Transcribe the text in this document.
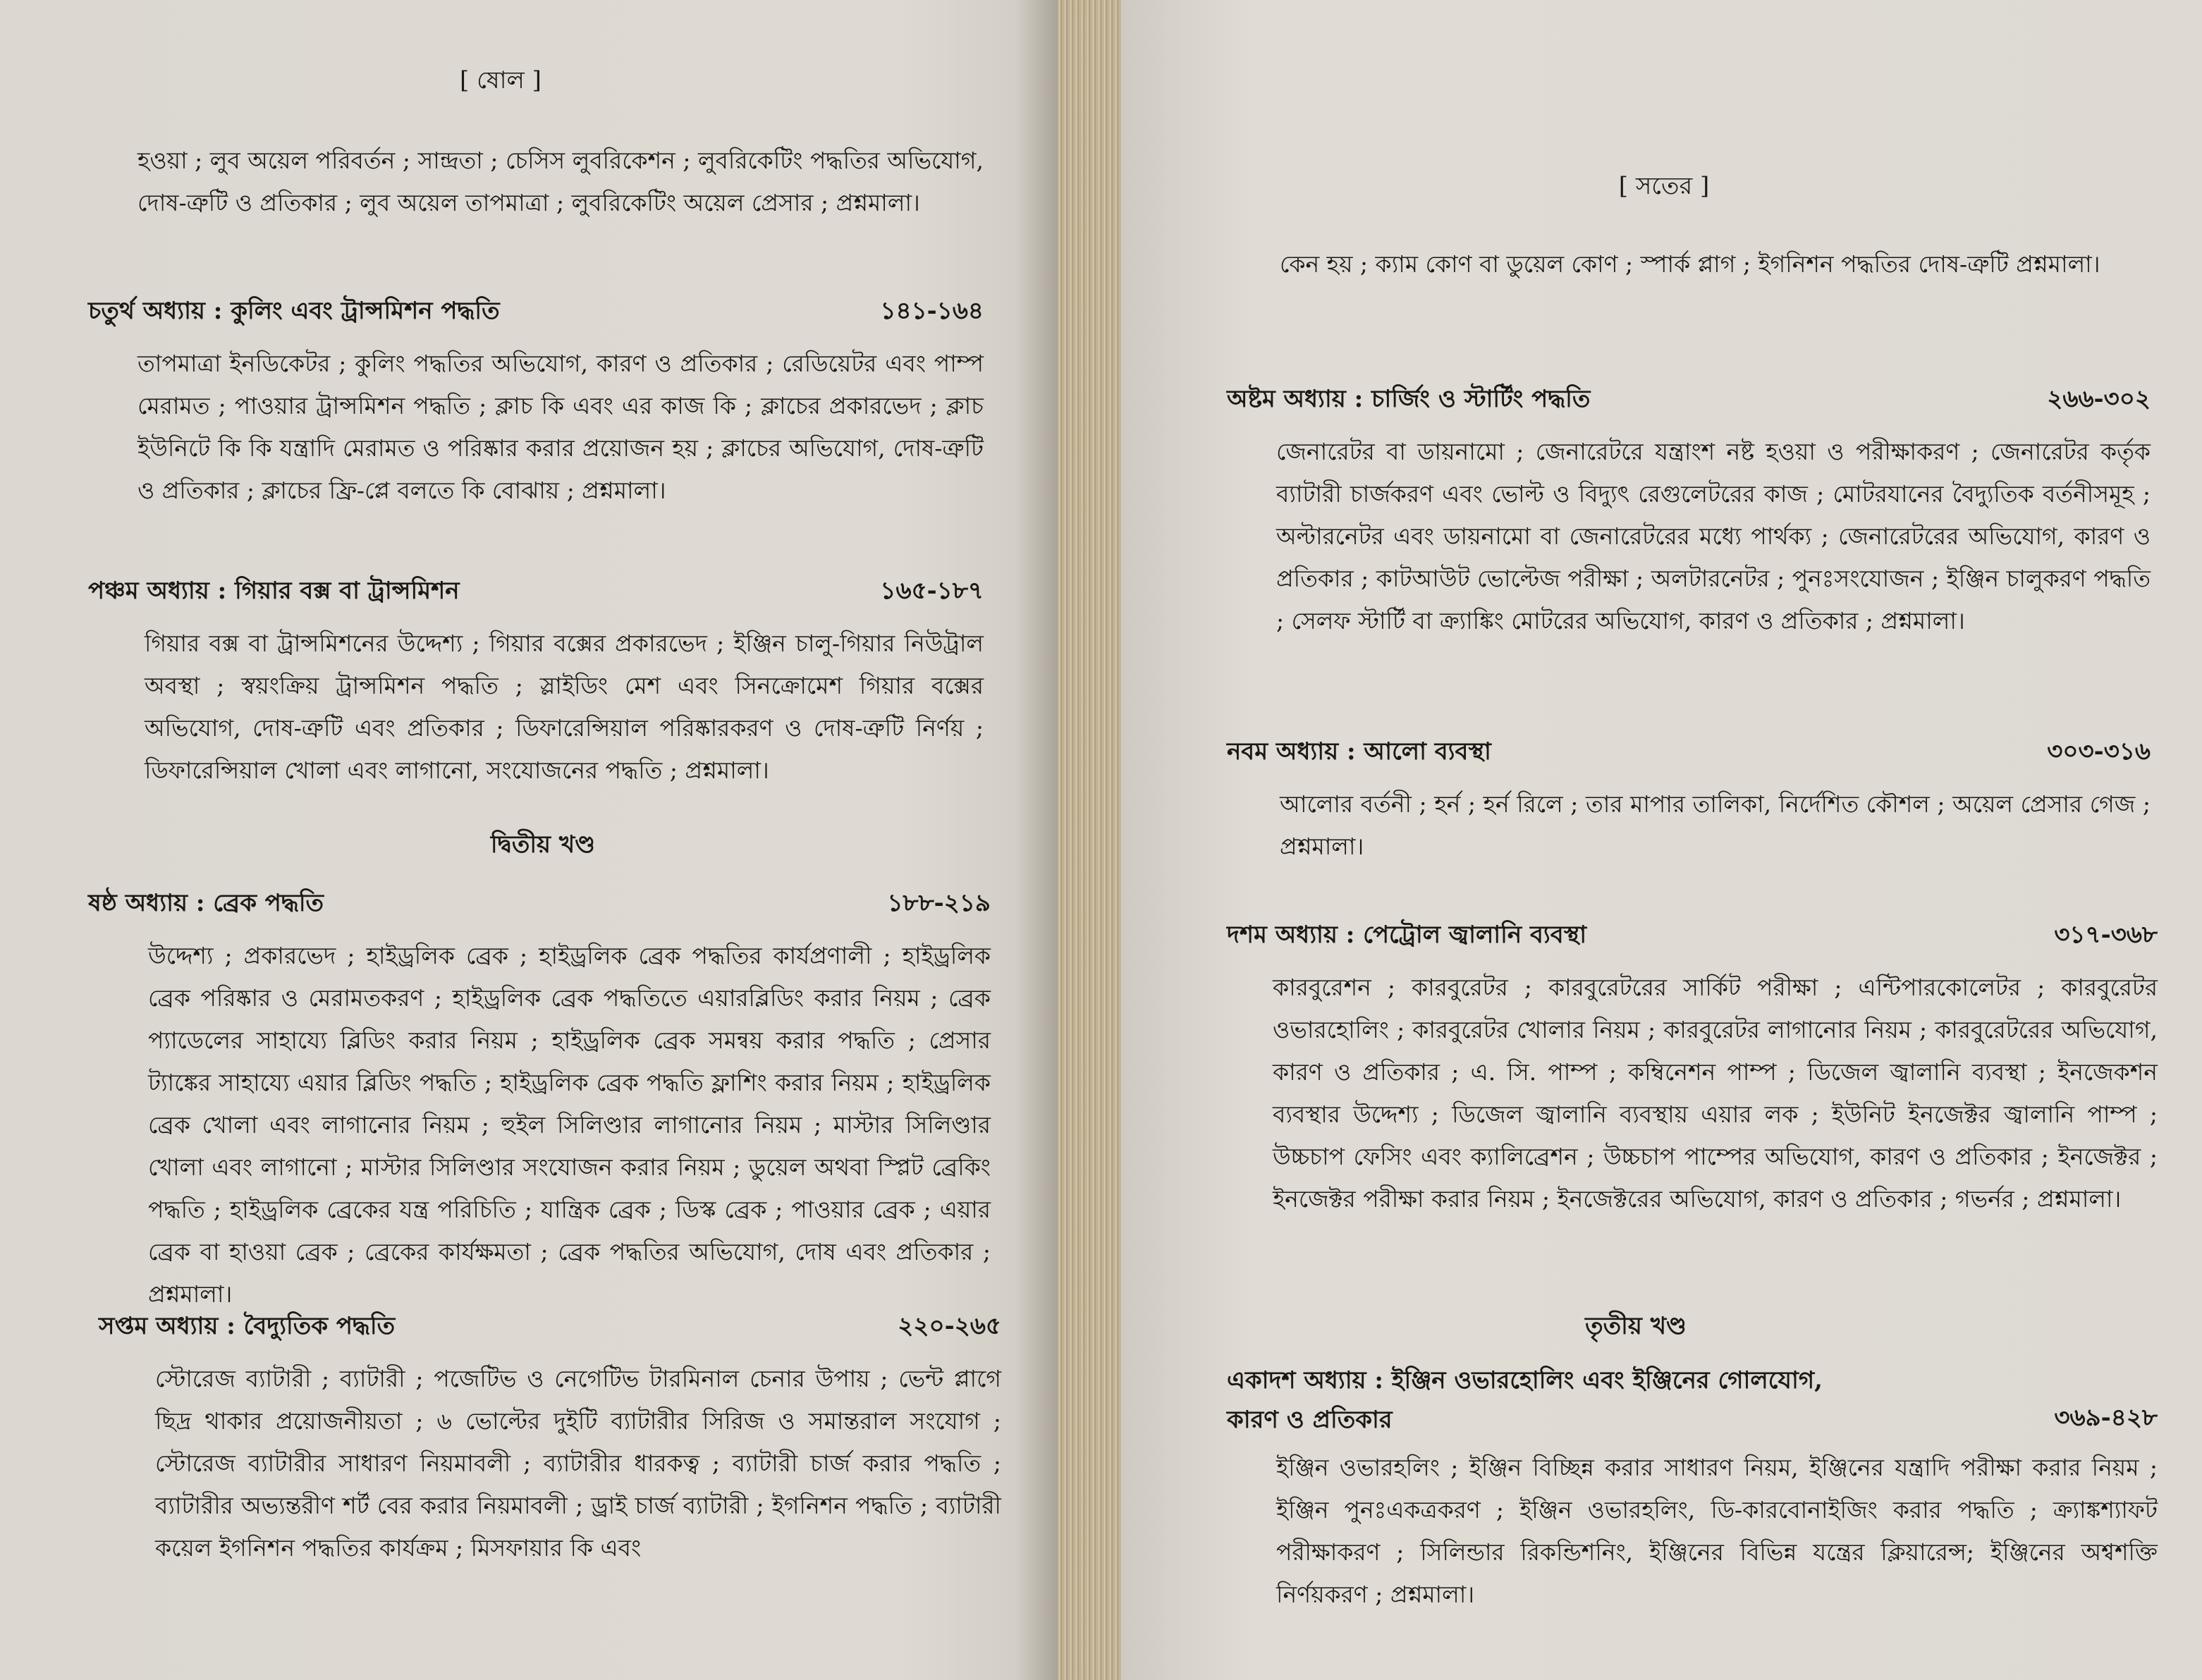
[ ষোল ]
হওয়া ; লুব অয়েল পরিবর্তন ; সান্দ্রতা ; চেসিস লুবরিকেশন ; লুবরিকেটিং পদ্ধতির অভিযোগ, দোষ-ত্রুটি ও প্রতিকার ; লুব অয়েল তাপমাত্রা ; লুবরিকেটিং অয়েল প্রেসার ; প্রশ্নমালা।
চতুর্থ অধ্যায় : কুলিং এবং ট্রান্সমিশন পদ্ধতি	১৪১-১৬৪
তাপমাত্রা ইনডিকেটর ; কুলিং পদ্ধতির অভিযোগ, কারণ ও প্রতিকার ; রেডিয়েটর এবং পাম্প মেরামত ; পাওয়ার ট্রান্সমিশন পদ্ধতি ; ক্লাচ কি এবং এর কাজ কি ; ক্লাচের প্রকারভেদ ; ক্লাচ ইউনিটে কি কি যন্ত্রাদি মেরামত ও পরিষ্কার করার প্রয়োজন হয় ; ক্লাচের অভিযোগ, দোষ-ত্রুটি ও প্রতিকার ; ক্লাচের ফ্রি-প্লে বলতে কি বোঝায় ; প্রশ্নমালা।
পঞ্চম অধ্যায় : গিয়ার বক্স বা ট্রান্সমিশন	১৬৫-১৮৭
গিয়ার বক্স বা ট্রান্সমিশনের উদ্দেশ্য ; গিয়ার বক্সের প্রকারভেদ ; ইঞ্জিন চালু-গিয়ার নিউট্রাল অবস্থা ; স্বয়ংক্রিয় ট্রান্সমিশন পদ্ধতি ; স্লাইডিং মেশ এবং সিনক্রোমেশ গিয়ার বক্সের অভিযোগ, দোষ-ত্রুটি এবং প্রতিকার ; ডিফারেন্সিয়াল পরিষ্কারকরণ ও দোষ-ত্রুটি নির্ণয় ; ডিফারেন্সিয়াল খোলা এবং লাগানো, সংযোজনের পদ্ধতি ; প্রশ্নমালা।
দ্বিতীয় খণ্ড
ষষ্ঠ অধ্যায় : ব্রেক পদ্ধতি	১৮৮-২১৯
উদ্দেশ্য ; প্রকারভেদ ; হাইড্রলিক ব্রেক ; হাইড্রলিক ব্রেক পদ্ধতির কার্যপ্রণালী ; হাইড্রলিক ব্রেক পরিষ্কার ও মেরামতকরণ ; হাইড্রলিক ব্রেক পদ্ধতিতে এয়ারব্লিডিং করার নিয়ম ; ব্রেক প্যাডেলের সাহায্যে ব্লিডিং করার নিয়ম ; হাইড্রলিক ব্রেক সমন্বয় করার পদ্ধতি ; প্রেসার ট্যাঙ্কের সাহায্যে এয়ার ব্লিডিং পদ্ধতি ; হাইড্রলিক ব্রেক পদ্ধতি ফ্লাশিং করার নিয়ম ; হাইড্রলিক ব্রেক খোলা এবং লাগানোর নিয়ম ; হুইল সিলিণ্ডার লাগানোর নিয়ম ; মাস্টার সিলিণ্ডার খোলা এবং লাগানো ; মাস্টার সিলিণ্ডার সংযোজন করার নিয়ম ; ডুয়েল অথবা স্প্লিট ব্রেকিং পদ্ধতি ; হাইড্রলিক ব্রেকের যন্ত্র পরিচিতি ; যান্ত্রিক ব্রেক ; ডিস্ক ব্রেক ; পাওয়ার ব্রেক ; এয়ার ব্রেক বা হাওয়া ব্রেক ; ব্রেকের কার্যক্ষমতা ; ব্রেক পদ্ধতির অভিযোগ, দোষ এবং প্রতিকার ; প্রশ্নমালা।
সপ্তম অধ্যায় : বৈদ্যুতিক পদ্ধতি	২২০-২৬৫
স্টোরেজ ব্যাটারী ; ব্যাটারী ; পজেটিভ ও নেগেটিভ টারমিনাল চেনার উপায় ; ভেন্ট প্লাগে ছিদ্র থাকার প্রয়োজনীয়তা ; ৬ ভোল্টের দুইটি ব্যাটারীর সিরিজ ও সমান্তরাল সংযোগ ; স্টোরেজ ব্যাটারীর সাধারণ নিয়মাবলী ; ব্যাটারীর ধারকত্ব ; ব্যাটারী চার্জ করার পদ্ধতি ; ব্যাটারীর অভ্যন্তরীণ শর্ট বের করার নিয়মাবলী ; ড্রাই চার্জ ব্যাটারী ; ইগনিশন পদ্ধতি ; ব্যাটারী কয়েল ইগনিশন পদ্ধতির কার্যক্রম ; মিসফায়ার কি এবং
[ সতের ]
কেন হয় ; ক্যাম কোণ বা ডুয়েল কোণ ; স্পার্ক প্লাগ ; ইগনিশন পদ্ধতির দোষ-ত্রুটি প্রশ্নমালা।
অষ্টম অধ্যায় : চার্জিং ও স্টার্টিং পদ্ধতি	২৬৬-৩০২
জেনারেটর বা ডায়নামো ; জেনারেটরে যন্ত্রাংশ নষ্ট হওয়া ও পরীক্ষাকরণ ; জেনারেটর কর্তৃক ব্যাটারী চার্জকরণ এবং ভোল্ট ও বিদ্যুৎ রেগুলেটরের কাজ ; মোটরযানের বৈদ্যুতিক বর্তনীসমূহ ; অল্টারনেটর এবং ডায়নামো বা জেনারেটরের মধ্যে পার্থক্য ; জেনারেটরের অভিযোগ, কারণ ও প্রতিকার ; কাটআউট ভোল্টেজ পরীক্ষা ; অলটারনেটর ; পুনঃসংযোজন ; ইঞ্জিন চালুকরণ পদ্ধতি ; সেলফ স্টার্টি বা ক্র্যাঙ্কিং মোটরের অভিযোগ, কারণ ও প্রতিকার ; প্রশ্নমালা।
নবম অধ্যায় : আলো ব্যবস্থা	৩০৩-৩১৬
আলোর বর্তনী ; হর্ন ; হর্ন রিলে ; তার মাপার তালিকা, নির্দেশিত কৌশল ; অয়েল প্রেসার গেজ ; প্রশ্নমালা।
দশম অধ্যায় : পেট্রোল জ্বালানি ব্যবস্থা	৩১৭-৩৬৮
কারবুরেশন ; কারবুরেটর ; কারবুরেটরের সার্কিট পরীক্ষা ; এন্টিপারকোলেটর ; কারবুরেটর ওভারহোলিং ; কারবুরেটর খোলার নিয়ম ; কারবুরেটর লাগানোর নিয়ম ; কারবুরেটরের অভিযোগ, কারণ ও প্রতিকার ; এ. সি. পাম্প ; কম্বিনেশন পাম্প ; ডিজেল জ্বালানি ব্যবস্থা ; ইনজেকশন ব্যবস্থার উদ্দেশ্য ; ডিজেল জ্বালানি ব্যবস্থায় এয়ার লক ; ইউনিট ইনজেক্টর জ্বালানি পাম্প ; উচ্চচাপ ফেসিং এবং ক্যালিব্রেশন ; উচ্চচাপ পাম্পের অভিযোগ, কারণ ও প্রতিকার ; ইনজেক্টর ; ইনজেক্টর পরীক্ষা করার নিয়ম ; ইনজেক্টরের অভিযোগ, কারণ ও প্রতিকার ; গভর্নর ; প্রশ্নমালা।
তৃতীয় খণ্ড
একাদশ অধ্যায় : ইঞ্জিন ওভারহোলিং এবং ইঞ্জিনের গোলযোগ,
কারণ ও প্রতিকার	৩৬৯-৪২৮
ইঞ্জিন ওভারহলিং ; ইঞ্জিন বিচ্ছিন্ন করার সাধারণ নিয়ম, ইঞ্জিনের যন্ত্রাদি পরীক্ষা করার নিয়ম ; ইঞ্জিন পুনঃএকত্রকরণ ; ইঞ্জিন ওভারহলিং, ডি-কারবোনাইজিং করার পদ্ধতি ; ক্র্যাঙ্কশ্যাফট পরীক্ষাকরণ ; সিলিন্ডার রিকন্ডিশনিং, ইঞ্জিনের বিভিন্ন যন্ত্রের ক্লিয়ারেন্স; ইঞ্জিনের অশ্বশক্তি নির্ণয়করণ ; প্রশ্নমালা।
